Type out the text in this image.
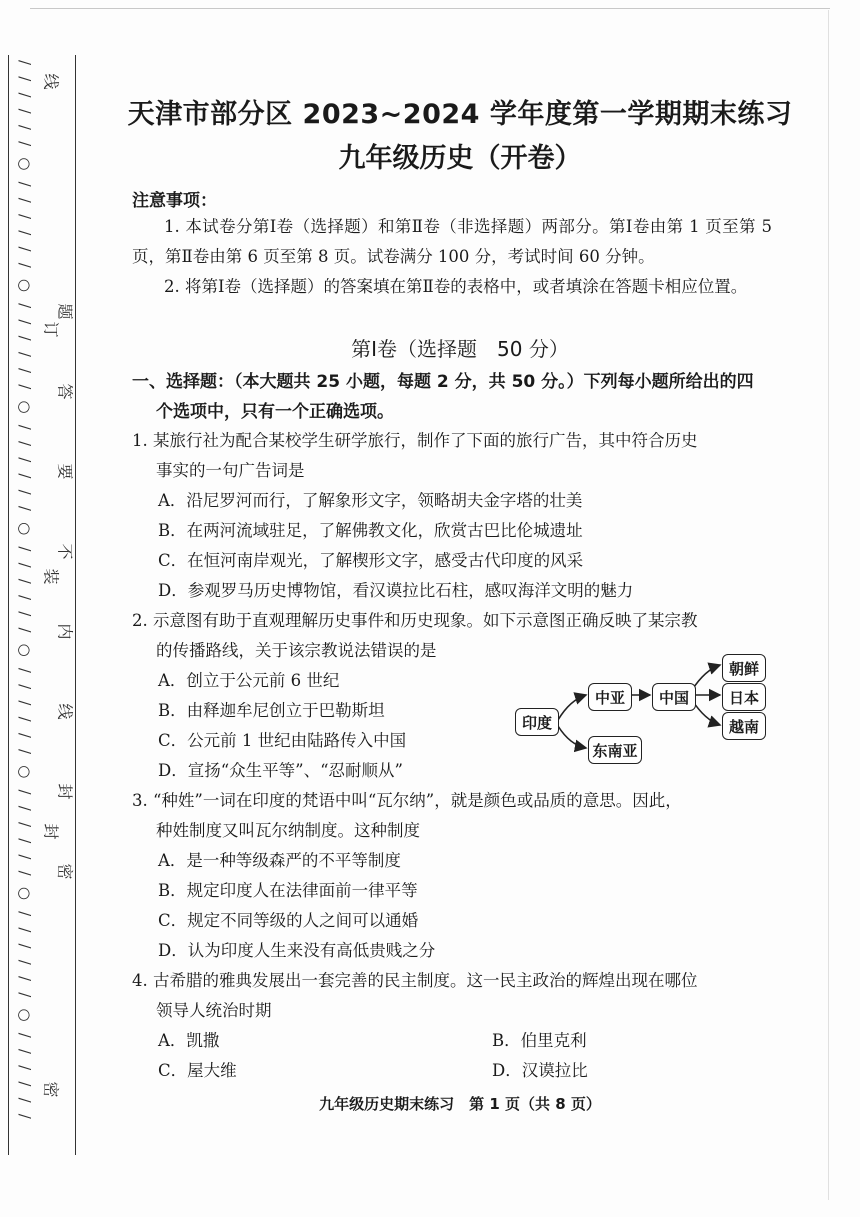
/ / / / / / ○ / / / / / / ○ / / / / / / ○ / / / / / / ○ / / / / / / ○ / / / / / / ○ / / / / / / ○ / / / / / / ○ / / / / / / 密
封
装
订
线
题
答
要
不
内
线
封
密
天津市部分区 2023~2024 学年度第一学期期末练习
九年级历史（开卷）
注意事项：
1. 本试卷分第Ⅰ卷（选择题）和第Ⅱ卷（非选择题）两部分。第Ⅰ卷由第 1 页至第 5 页，第Ⅱ卷由第 6 页至第 8 页。试卷满分 100 分，考试时间 60 分钟。
2. 将第Ⅰ卷（选择题）的答案填在第Ⅱ卷的表格中，或者填涂在答题卡相应位置。
第Ⅰ卷（选择题　50 分）
一、选择题：（本大题共 25 小题，每题 2 分，共 50 分。）下列每小题所给出的四
个选项中，只有一个正确选项。
1. 某旅行社为配合某校学生研学旅行，制作了下面的旅行广告，其中符合历史
事实的一句广告词是
A．沿尼罗河而行，了解象形文字，领略胡夫金字塔的壮美
B．在两河流域驻足，了解佛教文化，欣赏古巴比伦城遗址
C．在恒河南岸观光，了解楔形文字，感受古代印度的风采
D．参观罗马历史博物馆，看汉谟拉比石柱，感叹海洋文明的魅力
2. 示意图有助于直观理解历史事件和历史现象。如下示意图正确反映了某宗教
的传播路线，关于该宗教说法错误的是
A．创立于公元前 6 世纪
B．由释迦牟尼创立于巴勒斯坦
C．公元前 1 世纪由陆路传入中国
D．宣扬“众生平等”、“忍耐顺从”
印度
中亚	中国
东南亚
朝鲜
日本
越南
3. “种姓”一词在印度的梵语中叫“瓦尔纳”，就是颜色或品质的意思。因此，
种姓制度又叫瓦尔纳制度。这种制度
A．是一种等级森严的不平等制度
B．规定印度人在法律面前一律平等
C．规定不同等级的人之间可以通婚
D．认为印度人生来没有高低贵贱之分
4. 古希腊的雅典发展出一套完善的民主制度。这一民主政治的辉煌出现在哪位
领导人统治时期
A．凯撒	B．伯里克利
C．屋大维	D．汉谟拉比
九年级历史期末练习　第 1 页（共 8 页）
